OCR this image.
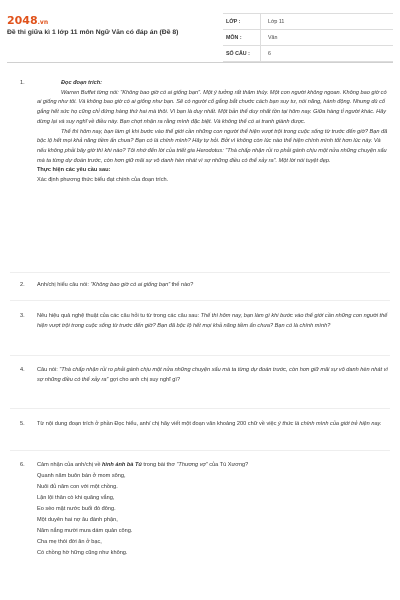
2048.vn
Đề thi giữa kì 1 lớp 11 môn Ngữ Văn có đáp án (Đề 8)
LỚP :	Lớp 11
MÔN :	Văn
SỐ CÂU :	6
1.	Đọc đoạn trích:

Warren Buffet từng nói: “Không bao giờ có ai giống bạn”. Một ý tưởng rất thâm thúy. Một con người không ngoan. Không bao giờ có ai giống như tôi. Và không bao giờ có ai giống như bạn. Sẽ có người cố gắng bắt chước cách bạn suy tư, nói năng, hành động. Nhưng dù cố gắng hết sức họ cũng chỉ đứng hàng thứ hai mà thôi. Vì bạn là duy nhất. Một bản thể duy nhất tồn tại hôm nay. Giữa hàng tỉ người khác. Hãy dừng lại và suy nghĩ về điều này. Bạn chợt nhận ra rằng mình đặc biệt. Và không thể có ai tranh giành được.

Thế thì hôm nay, bạn làm gì khi bước vào thế giới cần những con người thể hiện vượt trội trong cuộc sống từ trước đến giờ? Bạn đã bộc lộ hết mọi khả năng tiềm ẩn chưa? Bạn có là chính mình? Hãy tự hỏi. Bởi vì không còn lúc nào thể hiện chính mình tốt hơn lúc này. Và nếu không phải bây giờ thì khi nào? Tôi nhớ đến lời của triết gia Herodotus: “Thà chấp nhận rủi ro phải gánh chịu một nửa những chuyện xấu mà ta từng dự đoán trước, còn hơn giữ mãi sự vô danh hèn nhát vì sợ những điều có thể xảy ra”. Một lời nói tuyệt đẹp.

Thực hiện các yêu cầu sau:

Xác định phương thức biểu đạt chính của đoạn trích.

2. Anh/chị hiểu câu nói: “Không bao giờ có ai giống bạn” thế nào?
3. Nêu hiệu quả nghệ thuật của các câu hỏi tu từ trong các câu sau: Thế thì hôm nay, bạn làm gì khi bước vào thế giới cần những con người thể hiện vượt trội trong cuộc sống từ trước đến giờ? Bạn đã bộc lộ hết mọi khả năng tiềm ẩn chưa? Bạn có là chính mình?
4. Câu nói: “Thà chấp nhận rủi ro phải gánh chịu một nửa những chuyện xấu mà ta từng dự đoán trước, còn hơn giữ mãi sự vô danh hèn nhát vì sợ những điều có thể xảy ra” gợi cho anh chị suy nghĩ gì?
5. Từ nội dung đoạn trích ở phần Đọc hiểu, anh/ chị hãy viết một đoạn văn khoảng 200 chữ về việc ý thức là chính mình của giới trẻ hiện nay.
6. Cảm nhận của anh/chị về hình ảnh bà Tú trong bài thơ “Thương vợ” của Tú Xương?

Quanh năm buôn bán ở mom sông,

Nuôi đủ năm con với một chồng.

Lặn lội thân cò khi quãng vắng,

Eo sèo mặt nước buổi đò đông.

Một duyên hai nợ âu đành phận,

Năm nắng mười mưa dám quản công.

Cha mẹ thói đời ăn ở bạc,

Có chồng hờ hững cũng như không.
